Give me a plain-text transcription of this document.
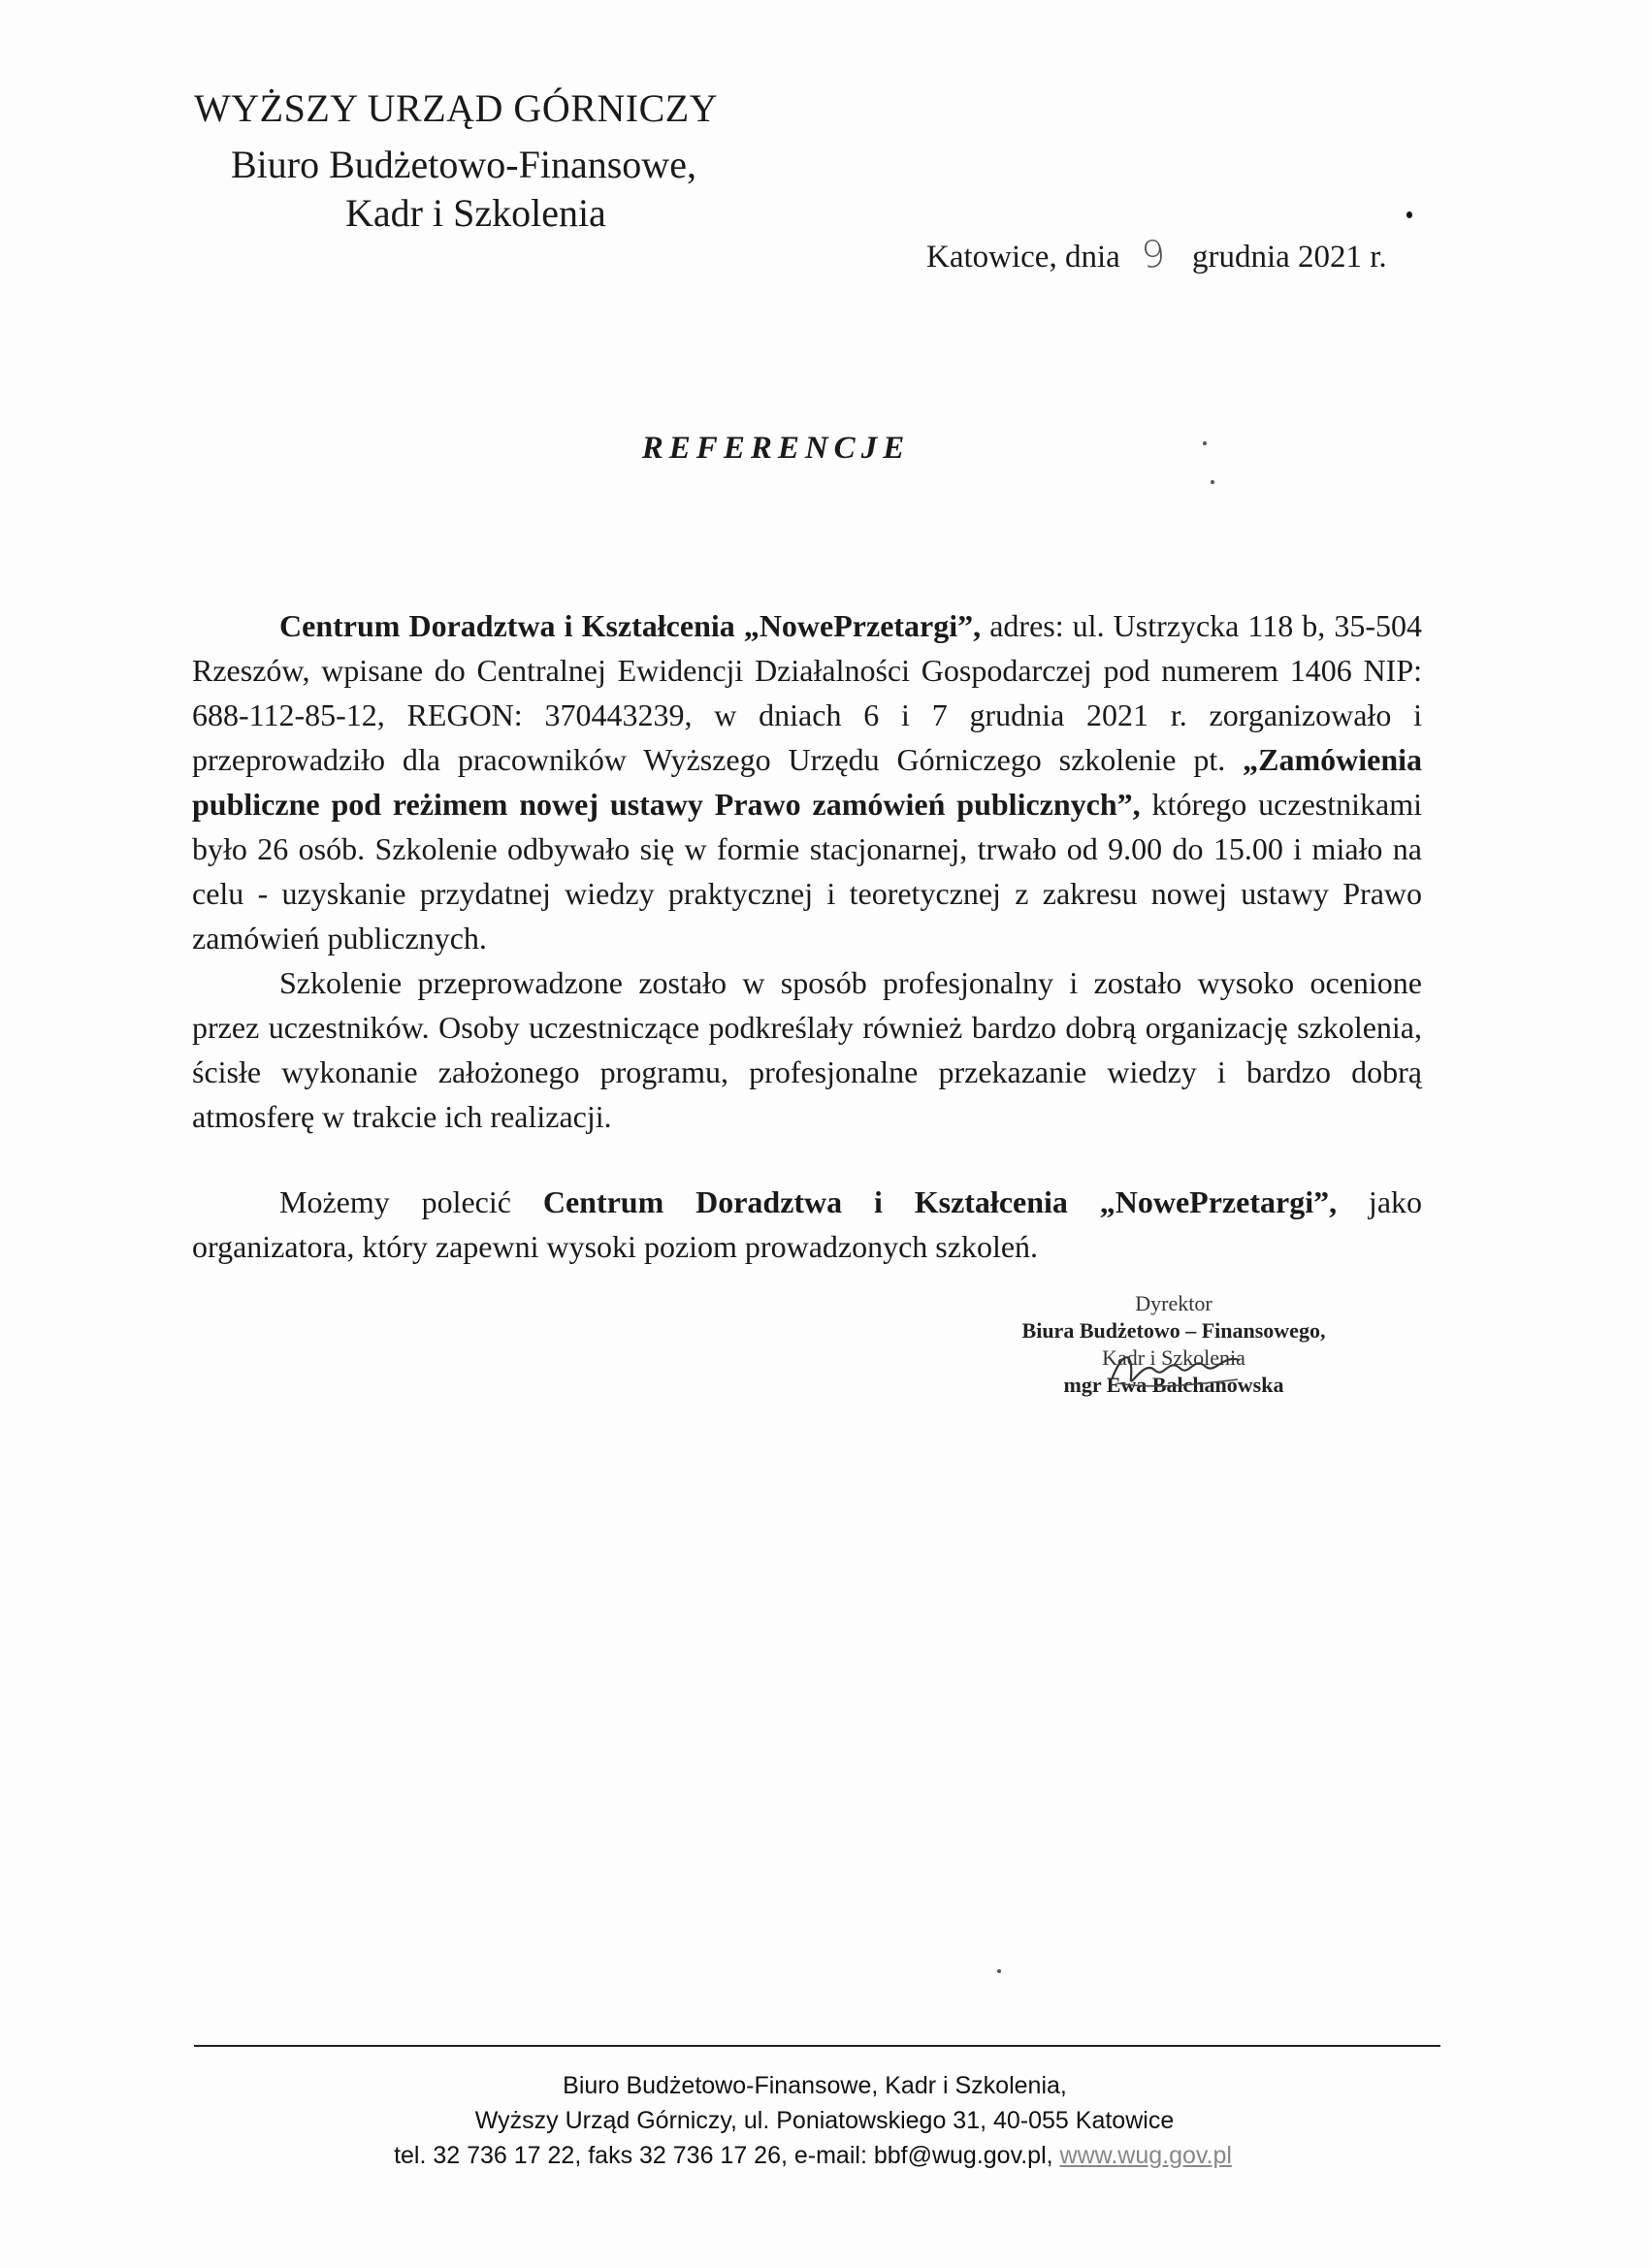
WYŻSZY URZĄD GÓRNICZY
Biuro Budżetowo-Finansowe,
Kadr i Szkolenia
Katowice, dnia 9 grudnia 2021 r.
REFERENCJE

Centrum Doradztwa i Kształcenia „NowePrzetargi”, adres: ul. Ustrzycka 118 b, 35-504 Rzeszów, wpisane do Centralnej Ewidencji Działalności Gospodarczej pod numerem 1406 NIP: 688-112-85-12, REGON: 370443239, w dniach 6 i 7 grudnia 2021 r. zorganizowało i przeprowadziło dla pracowników Wyższego Urzędu Górniczego szkolenie pt. „Zamówienia publiczne pod reżimem nowej ustawy Prawo zamówień publicznych”, którego uczestnikami było 26 osób. Szkolenie odbywało się w formie stacjonarnej, trwało od 9.00 do 15.00 i miało na celu - uzyskanie przydatnej wiedzy praktycznej i teoretycznej z zakresu nowej ustawy Prawo zamówień publicznych.

Szkolenie przeprowadzone zostało w sposób profesjonalny i zostało wysoko ocenione przez uczestników. Osoby uczestniczące podkreślały również bardzo dobrą organizację szkolenia, ścisłe wykonanie założonego programu, profesjonalne przekazanie wiedzy i bardzo dobrą atmosferę w trakcie ich realizacji.

Możemy polecić Centrum Doradztwa i Kształcenia „NowePrzetargi”, jako organizatora, który zapewni wysoki poziom prowadzonych szkoleń.

Dyrektor
Biura Budżetowo – Finansowego,
Kadr i Szkolenia
mgr Ewa Balchanowska
Biuro Budżetowo-Finansowe, Kadr i Szkolenia,
Wyższy Urząd Górniczy, ul. Poniatowskiego 31, 40-055 Katowice
tel. 32 736 17 22, faks 32 736 17 26, e-mail: bbf@wug.gov.pl, www.wug.gov.pl
